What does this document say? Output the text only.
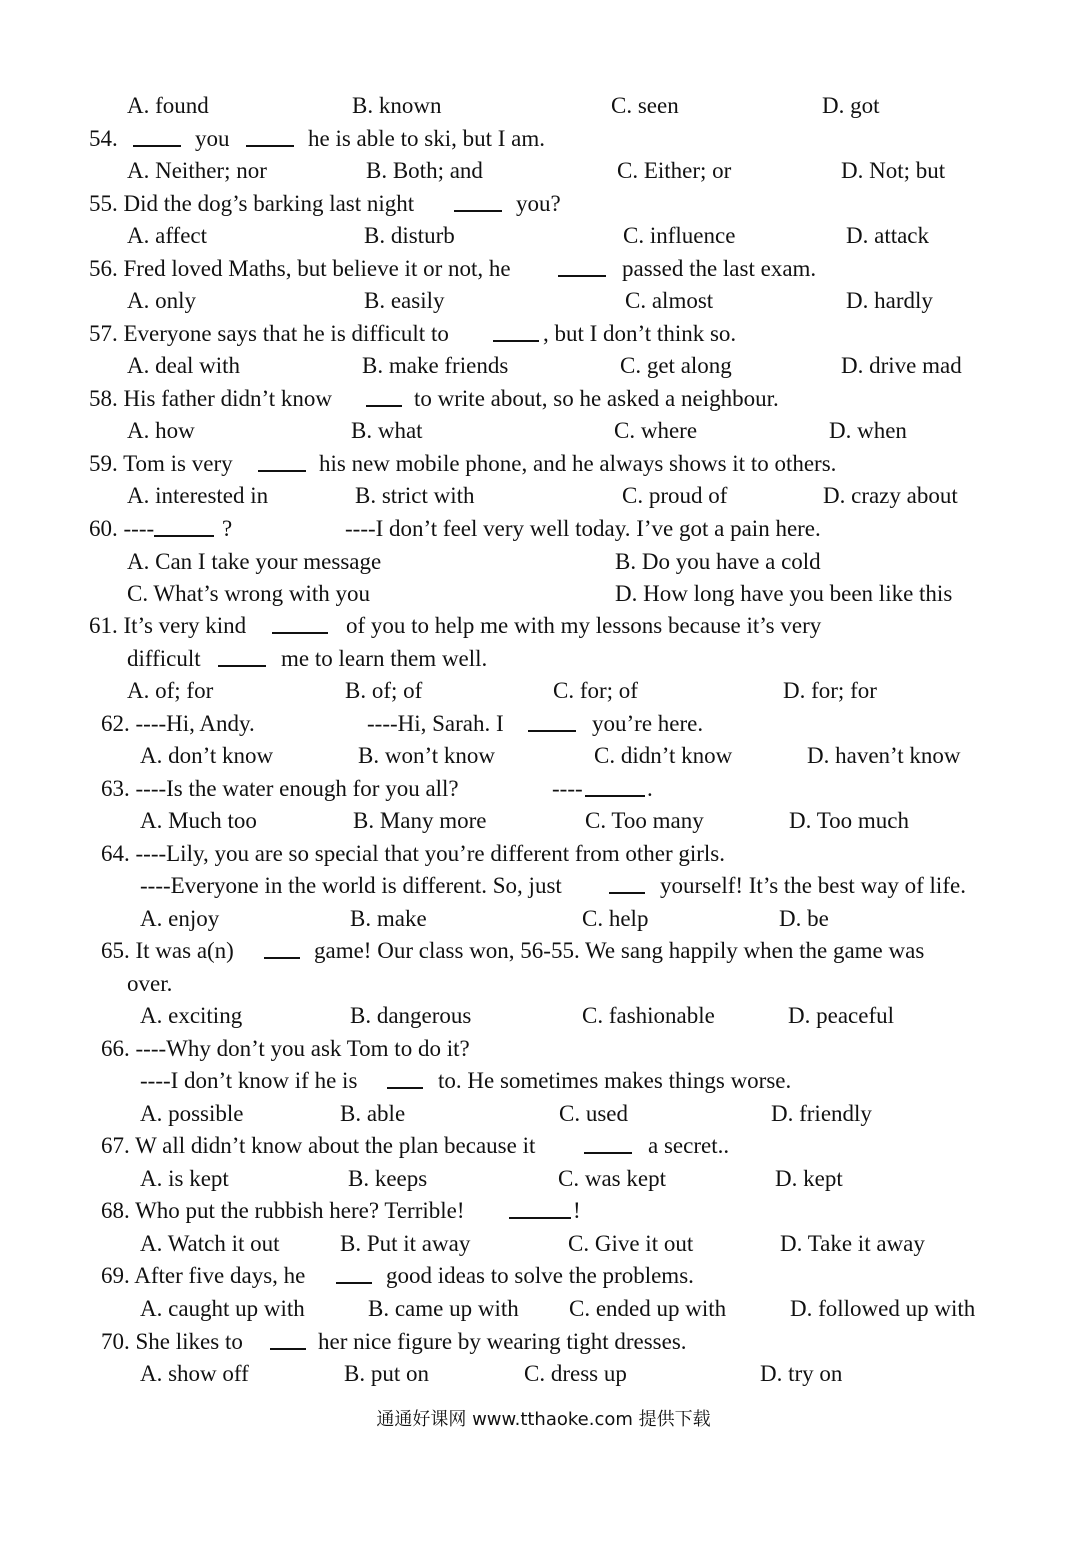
A. found

	B. known

	C. seen

	D. got

54.

	you

	he is able to ski, but I am.

A. Neither; nor

	B. Both; and

	C. Either; or

	D. Not; but

55. Did the dog’s barking last night

	you?

A. affect

	B. disturb

	C. influence

	D. attack

56. Fred loved Maths, but believe it or not, he

	passed the last exam.

A. only

	B. easily

	C. almost

	D. hardly

57. Everyone says that he is difficult to

	, but I don’t think so.

A. deal with

	B. make friends

	C. get along

	D. drive mad

58. His father didn’t know

	to write about, so he asked a neighbour.

A. how

	B. what

	C. where

	D. when

59. Tom is very

	his new mobile phone, and he always shows it to others.

A. interested in

	B. strict with

	C. proud of

	D. crazy about

60. ----

	?

	----I don’t feel very well today. I’ve got a pain here.

A. Can I take your message

	B. Do you have a cold

C. What’s wrong with you

	D. How long have you been like this

61. It’s very kind

	of you to help me with my lessons because it’s very

difficult

	me to learn them well.

A. of; for

	B. of; of

	C. for; of

	D. for; for

62. ----Hi, Andy.

	----Hi, Sarah. I

	you’re here.

A. don’t know

	B. won’t know

	C. didn’t know

	D. haven’t know

63. ----Is the water enough for you all?

	----

	.

A. Much too

	B. Many more

	C. Too many

	D. Too much

64. ----Lily, you are so special that you’re different from other girls.

----Everyone in the world is different. So, just

	yourself! It’s the best way of life.

A. enjoy

	B. make

	C. help

	D. be

65. It was a(n)

	game! Our class won, 56-55. We sang happily when the game was

over.

A. exciting

	B. dangerous

	C. fashionable

	D. peaceful

66. ----Why don’t you ask Tom to do it?

----I don’t know if he is

	to. He sometimes makes things worse.

A. possible

	B. able

	C. used

	D. friendly

67. W all didn’t know about the plan because it

	a secret..

A. is kept

	B. keeps

	C. was kept

	D. kept

68. Who put the rubbish here? Terrible!

	!

A. Watch it out

	B. Put it away

	C. Give it out

	D. Take it away

69. After five days, he

	good ideas to solve the problems.

A. caught up with

	B. came up with

C. ended up with

	D. followed up with

70. She likes to

	her nice figure by wearing tight dresses.

A. show off

	B. put on

	C. dress up

	D. try on

通通好课网 www.tthaoke.com 提供下载
